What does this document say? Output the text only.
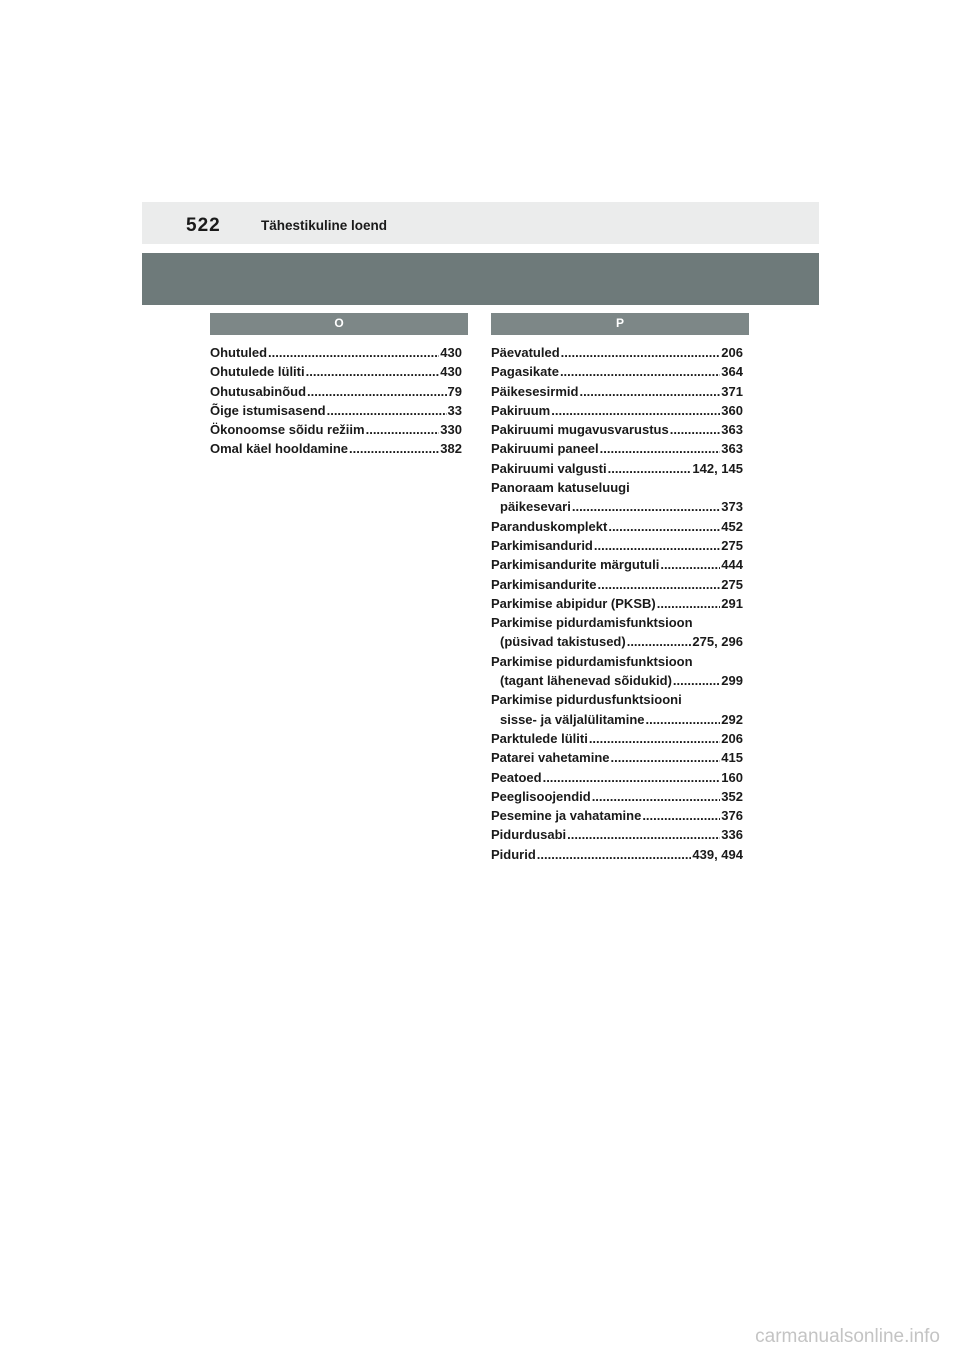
522	Tähestikuline loend
O	P
Ohutuled .....	430
Ohutulede lüliti .....	430
Ohutusabinõud .....	79
Õige istumisasend .....	33
Ökonoomse sõidu režiim .....	330
Omal käel hooldamine .....	382
Päevatuled .....	206
Pagasikate .....	364
Päikesesirmid .....	371
Pakiruum .....	360
Pakiruumi mugavusvarustus .....	363
Pakiruumi paneel .....	363
Pakiruumi valgusti .....	142, 145
Panoraam katuseluugi
päikesevari .....	373
Paranduskomplekt .....	452
Parkimisandurid .....	275
Parkimisandurite märgutuli .....	444
Parkimisandurite .....	275
Parkimise abipidur (PKSB) .....	291
Parkimise pidurdamisfunktsioon
(püsivad takistused) .....	275, 296
Parkimise pidurdamisfunktsioon
(tagant lähenevad sõidukid) .....	299
Parkimise pidurdusfunktsiooni
sisse- ja väljalülitamine .....	292
Parktulede lüliti .....	206
Patarei vahetamine .....	415
Peatoed .....	160
Peeglisoojendid .....	352
Pesemine ja vahatamine .....	376
Pidurdusabi .....	336
Pidurid .....	439, 494
carmanualsonline.info
